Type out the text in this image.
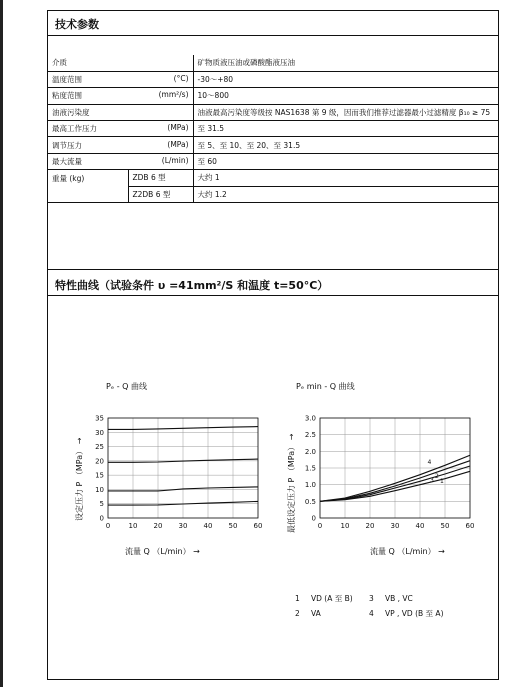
技术参数
介质		矿物质液压油或磷酸酯液压油

温度范围 (°C)		-30～+80

粘度范围 (mm²/s)		10～800

油液污染度		油液最高污染度等级按 NAS1638 第 9 级，因而我们推荐过滤器最小过滤精度 β₁₀ ≥ 75

最高工作压力 (MPa)		至 31.5

调节压力 (MPa)		至 5、至 10、至 20、至 31.5

最大流量 (L/min)		至 60
重量 (kg)	ZDB 6 型	大约 1
	Z2DB 6 型	大约 1.2
特性曲线（试验条件 υ =41mm²/S 和温度 t=50°C）
Pₑ - Q 曲线
0	10 20 30 40 50 60
0
5
10
15
20
25
30
35
流量 Q （L/min） →
设定压力 P （MPa） →
Pₑ min - Q 曲线
0	10 20 30 40 50 60
0
0.5
1.0
1.5
2.0
2.5
3.0
1
2
3
4
流量 Q （L/min） →
最低设定压力 P （MPa） →
1 VD (A 至 B) 3 VB , VC
2 VA	4 VP , VD (B 至 A)
